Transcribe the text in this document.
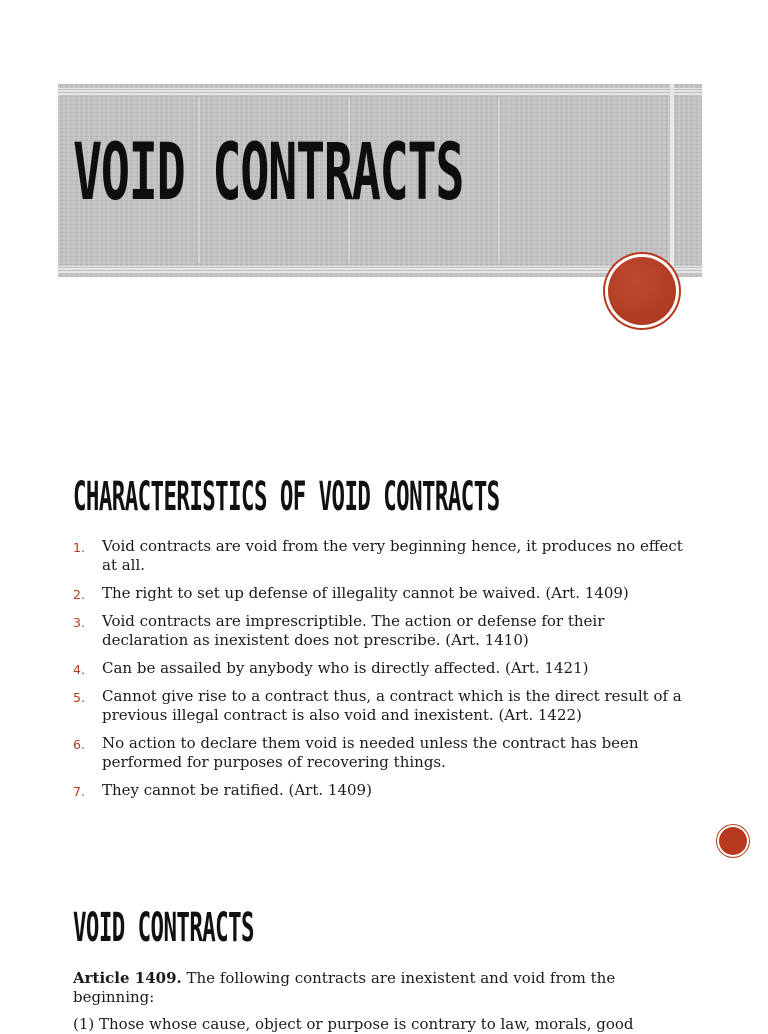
VOID CONTRACTS
CHARACTERISTICS OF VOID CONTRACTS
1. Void contracts are void from the very beginning hence, it produces no effect at all.
2. The right to set up defense of illegality cannot be waived. (Art. 1409)
3. Void contracts are imprescriptible. The action or defense for their declaration as inexistent does not prescribe. (Art. 1410)
4. Can be assailed by anybody who is directly affected. (Art. 1421)
5. Cannot give rise to a contract thus, a contract which is the direct result of a previous illegal contract is also void and inexistent. (Art. 1422)
6. No action to declare them void is needed unless the contract has been performed for purposes of recovering things.
7. They cannot be ratified. (Art. 1409)
VOID CONTRACTS
Article 1409. The following contracts are inexistent and void from the beginning:
(1) Those whose cause, object or purpose is contrary to law, morals, good
